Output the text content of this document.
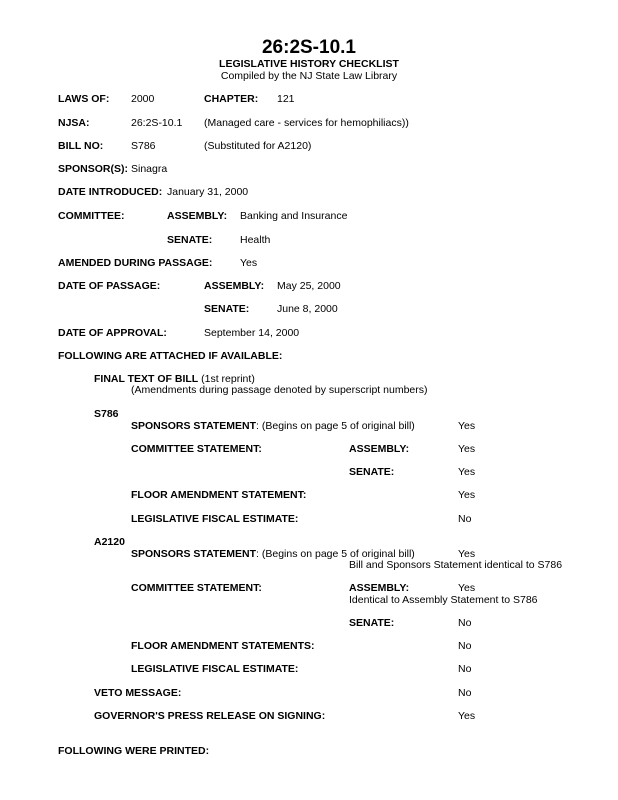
26:2S-10.1
LEGISLATIVE HISTORY CHECKLIST
Compiled by the NJ State Law Library
LAWS OF: 2000	CHAPTER: 121
NJSA:	26:2S-10.1 (Managed care - services for hemophiliacs))
BILL NO:	S786	(Substituted for A2120)
SPONSOR(S): Sinagra
DATE INTRODUCED: January 31, 2000
COMMITTEE:	ASSEMBLY: Banking and Insurance
SENATE:	Health
AMENDED DURING PASSAGE:	Yes
DATE OF PASSAGE:	ASSEMBLY: May 25, 2000
SENATE:	June 8, 2000
DATE OF APPROVAL:	September 14, 2000
FOLLOWING ARE ATTACHED IF AVAILABLE:
FINAL TEXT OF BILL (1st reprint)
(Amendments during passage denoted by superscript numbers)
S786
SPONSORS STATEMENT: (Begins on page 5 of original bill)	Yes
COMMITTEE STATEMENT:	ASSEMBLY:	Yes
SENATE:	Yes
FLOOR AMENDMENT STATEMENT:	Yes
LEGISLATIVE FISCAL ESTIMATE:	No
A2120
SPONSORS STATEMENT: (Begins on page 5 of original bill)	Yes
Bill and Sponsors Statement identical to S786
COMMITTEE STATEMENT:	ASSEMBLY:	Yes
Identical to Assembly Statement to S786
SENATE:	No
FLOOR AMENDMENT STATEMENTS:	No
LEGISLATIVE FISCAL ESTIMATE:	No
VETO MESSAGE:	No
GOVERNOR'S PRESS RELEASE ON SIGNING:	Yes
FOLLOWING WERE PRINTED:
